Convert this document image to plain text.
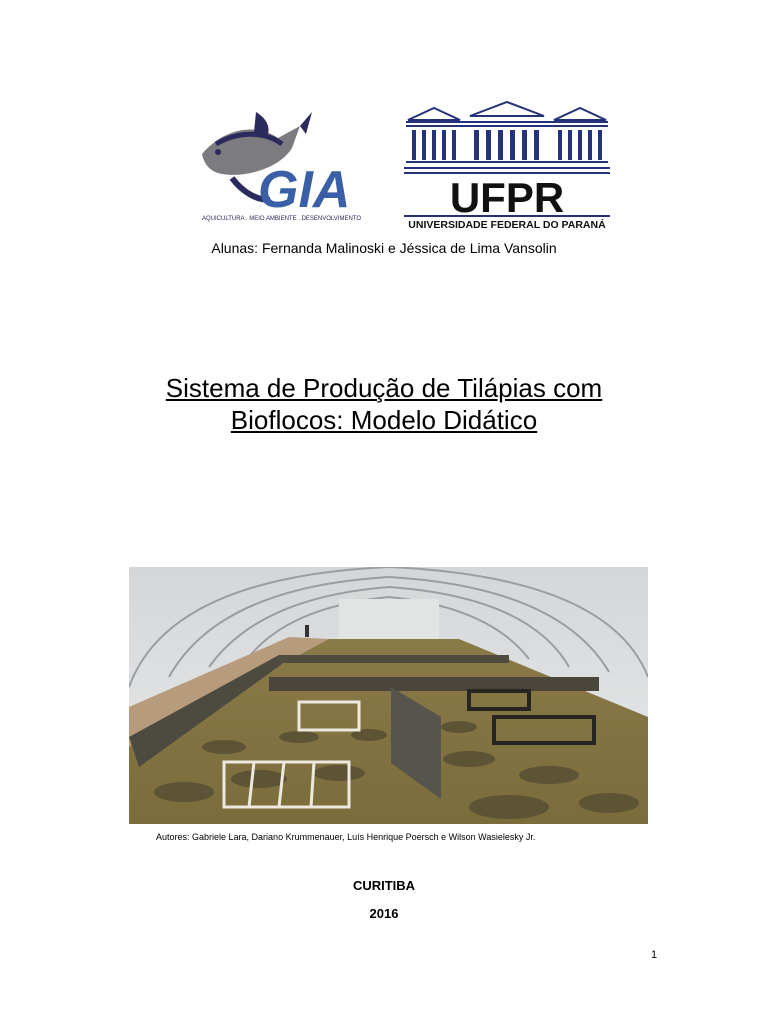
GIA
AQUICULTURA . MEIO AMBIENTE . DESENVOLVIMENTO UFPR
UNIVERSIDADE FEDERAL DO PARANÁ
Alunas: Fernanda Malinoski e Jéssica de Lima Vansolin
Sistema de Produção de Tilápias com
Bioflocos: Modelo Didático
Autores: Gabriele Lara, Dariano Krummenauer, Luís Henrique Poersch e Wilson Wasielesky Jr.
CURITIBA
2016
1
